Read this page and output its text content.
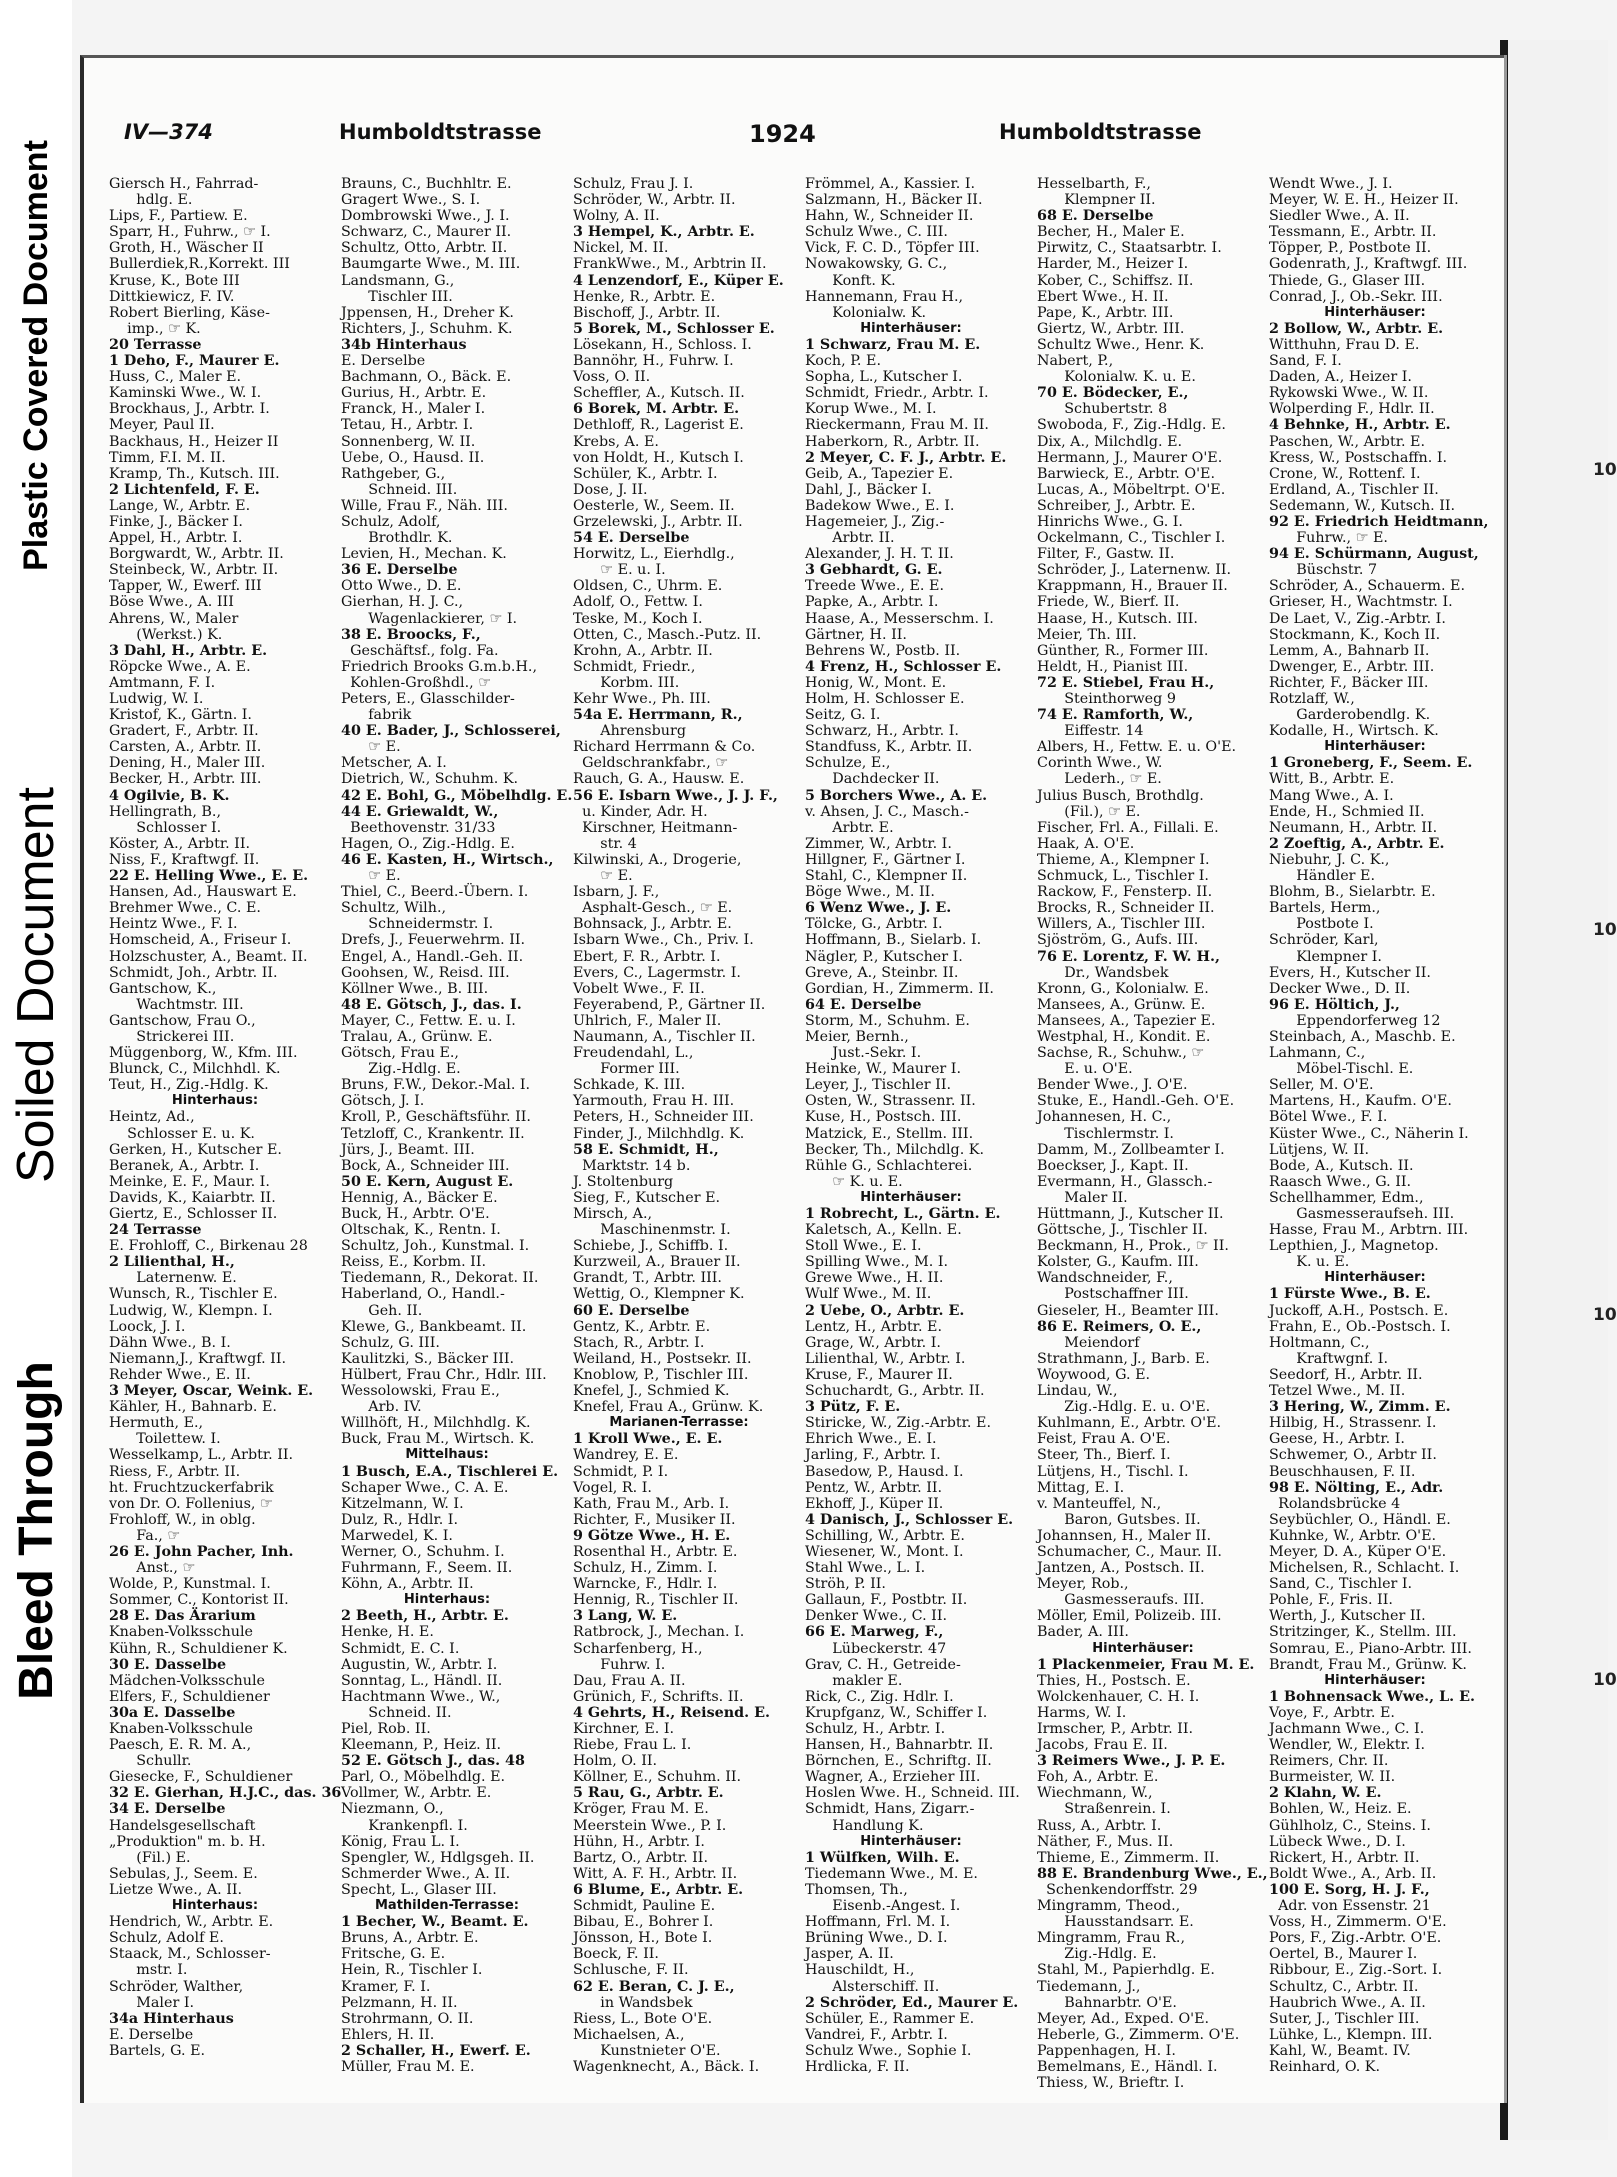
Plastic Covered Document
Soiled Document
Bleed Through
10
10
10
10
IV—374	Humboldtstrasse	1924	Humboldtstrasse
Giersch H., Fahrrad-
hdlg. E.
Lips, F., Partiew. E.
Sparr, H., Fuhrw., ☞ I.
Groth, H., Wäscher II
Bullerdiek,R.,Korrekt. III
Kruse, K., Bote III
Dittkiewicz, F. IV.
Robert Bierling, Käse-
imp., ☞ K.
20 Terrasse
1 Deho, F., Maurer E.
Huss, C., Maler E.
Kaminski Wwe., W. I.
Brockhaus, J., Arbtr. I.
Meyer, Paul II.
Backhaus, H., Heizer II
Timm, F.I. M. II.
Kramp, Th., Kutsch. III.
2 Lichtenfeld, F. E.
Lange, W., Arbtr. E.
Finke, J., Bäcker I.
Appel, H., Arbtr. I.
Borgwardt, W., Arbtr. II.
Steinbeck, W., Arbtr. II.
Tapper, W., Ewerf. III
Böse Wwe., A. III
Ahrens, W., Maler
(Werkst.) K.
3 Dahl, H., Arbtr. E.
Röpcke Wwe., A. E.
Amtmann, F. I.
Ludwig, W. I.
Kristof, K., Gärtn. I.
Gradert, F., Arbtr. II.
Carsten, A., Arbtr. II.
Dening, H., Maler III.
Becker, H., Arbtr. III.
4 Ogilvie, B. K.
Hellingrath, B.,
Schlosser I.
Köster, A., Arbtr. II.
Niss, F., Kraftwgf. II.
22 E. Helling Wwe., E. E.
Hansen, Ad., Hauswart E.
Brehmer Wwe., C. E.
Heintz Wwe., F. I.
Homscheid, A., Friseur I.
Holzschuster, A., Beamt. II.
Schmidt, Joh., Arbtr. II.
Gantschow, K.,
Wachtmstr. III.
Gantschow, Frau O.,
Strickerei III.
Müggenborg, W., Kfm. III.
Blunck, C., Milchhdl. K.
Teut, H., Zig.-Hdlg. K.
Hinterhaus:
Heintz, Ad.,
Schlosser E. u. K.
Gerken, H., Kutscher E.
Beranek, A., Arbtr. I.
Meinke, E. F., Maur. I.
Davids, K., Kaiarbtr. II.
Giertz, E., Schlosser II.
24 Terrasse
E. Frohloff, C., Birkenau 28
2 Lilienthal, H.,
Laternenw. E.
Wunsch, R., Tischler E.
Ludwig, W., Klempn. I.
Loock, J. I.
Dähn Wwe., B. I.
Niemann,J., Kraftwgf. II.
Rehder Wwe., E. II.
3 Meyer, Oscar, Weink. E.
Kähler, H., Bahnarb. E.
Hermuth, E.,
Toilettew. I.
Wesselkamp, L., Arbtr. II.
Riess, F., Arbtr. II.
ht. Fruchtzuckerfabrik
von Dr. O. Follenius, ☞
Frohloff, W., in oblg.
Fa., ☞
26 E. John Pacher, Inh.
Anst., ☞
Wolde, P., Kunstmal. I.
Sommer, C., Kontorist II.
28 E. Das Ärarium
Knaben-Volksschule
Kühn, R., Schuldiener K.
30 E. Dasselbe
Mädchen-Volksschule
Elfers, F., Schuldiener
30a E. Dasselbe
Knaben-Volksschule
Paesch, E. R. M. A.,
Schullr.
Giesecke, F., Schuldiener
32 E. Gierhan, H.J.C., das. 36
34 E. Derselbe
Handelsgesellschaft
„Produktion" m. b. H.
(Fil.) E.
Sebulas, J., Seem. E.
Lietze Wwe., A. II.
Hinterhaus:
Hendrich, W., Arbtr. E.
Schulz, Adolf E.
Staack, M., Schlosser-
mstr. I.
Schröder, Walther,
Maler I.
34a Hinterhaus
E. Derselbe
Bartels, G. E.
Brauns, C., Buchhltr. E.
Gragert Wwe., S. I.
Dombrowski Wwe., J. I.
Schwarz, C., Maurer II.
Schultz, Otto, Arbtr. II.
Baumgarte Wwe., M. III.
Landsmann, G.,
Tischler III.
Jppensen, H., Dreher K.
Richters, J., Schuhm. K.
34b Hinterhaus
E. Derselbe
Bachmann, O., Bäck. E.
Gurius, H., Arbtr. E.
Franck, H., Maler I.
Tetau, H., Arbtr. I.
Sonnenberg, W. II.
Uebe, O., Hausd. II.
Rathgeber, G.,
Schneid. III.
Wille, Frau F., Näh. III.
Schulz, Adolf,
Brothdlr. K.
Levien, H., Mechan. K.
36 E. Derselbe
Otto Wwe., D. E.
Gierhan, H. J. C.,
Wagenlackierer, ☞ I.
38 E. Broocks, F.,
Geschäftsf., folg. Fa.
Friedrich Brooks G.m.b.H.,
Kohlen-Großhdl., ☞
Peters, E., Glasschilder-
fabrik
40 E. Bader, J., Schlosserei,
☞ E.
Metscher, A. I.
Dietrich, W., Schuhm. K.
42 E. Bohl, G., Möbelhdlg. E.
44 E. Griewaldt, W.,
Beethovenstr. 31/33
Hagen, O., Zig.-Hdlg. E.
46 E. Kasten, H., Wirtsch.,
☞ E.
Thiel, C., Beerd.-Übern. I.
Schultz, Wilh.,
Schneidermstr. I.
Drefs, J., Feuerwehrm. II.
Engel, A., Handl.-Geh. II.
Goohsen, W., Reisd. III.
Köllner Wwe., B. III.
48 E. Götsch, J., das. I.
Mayer, C., Fettw. E. u. I.
Tralau, A., Grünw. E.
Götsch, Frau E.,
Zig.-Hdlg. E.
Bruns, F.W., Dekor.-Mal. I.
Götsch, J. I.
Kroll, P., Geschäftsführ. II.
Tetzloff, C., Krankentr. II.
Jürs, J., Beamt. III.
Bock, A., Schneider III.
50 E. Kern, August E.
Hennig, A., Bäcker E.
Buck, H., Arbtr. O'E.
Oltschak, K., Rentn. I.
Schultz, Joh., Kunstmal. I.
Reiss, E., Korbm. II.
Tiedemann, R., Dekorat. II.
Haberland, O., Handl.-
Geh. II.
Klewe, G., Bankbeamt. II.
Schulz, G. III.
Kaulitzki, S., Bäcker III.
Hülbert, Frau Chr., Hdlr. III.
Wessolowski, Frau E.,
Arb. IV.
Willhöft, H., Milchhdlg. K.
Buck, Frau M., Wirtsch. K.
Mittelhaus:
1 Busch, E.A., Tischlerei E.
Schaper Wwe., C. A. E.
Kitzelmann, W. I.
Dulz, R., Hdlr. I.
Marwedel, K. I.
Werner, O., Schuhm. I.
Fuhrmann, F., Seem. II.
Köhn, A., Arbtr. II.
Hinterhaus:
2 Beeth, H., Arbtr. E.
Henke, H. E.
Schmidt, E. C. I.
Augustin, W., Arbtr. I.
Sonntag, L., Händl. II.
Hachtmann Wwe., W.,
Schneid. II.
Piel, Rob. II.
Kleemann, P., Heiz. II.
52 E. Götsch J., das. 48
Parl, O., Möbelhdlg. E.
Vollmer, W., Arbtr. E.
Niezmann, O.,
Krankenpfl. I.
König, Frau L. I.
Spengler, W., Hdlgsgeh. II.
Schmerder Wwe., A. II.
Specht, L., Glaser III.
Mathilden-Terrasse:
1 Becher, W., Beamt. E.
Bruns, A., Arbtr. E.
Fritsche, G. E.
Hein, R., Tischler I.
Kramer, F. I.
Pelzmann, H. II.
Strohrmann, O. II.
Ehlers, H. II.
2 Schaller, H., Ewerf. E.
Müller, Frau M. E.
Schulz, Frau J. I.
Schröder, W., Arbtr. II.
Wolny, A. II.
3 Hempel, K., Arbtr. E.
Nickel, M. II.
FrankWwe., M., Arbtrin II.
4 Lenzendorf, E., Küper E.
Henke, R., Arbtr. E.
Bischoff, J., Arbtr. II.
5 Borek, M., Schlosser E.
Lösekann, H., Schloss. I.
Bannöhr, H., Fuhrw. I.
Voss, O. II.
Scheffler, A., Kutsch. II.
6 Borek, M. Arbtr. E.
Dethloff, R., Lagerist E.
Krebs, A. E.
von Holdt, H., Kutsch I.
Schüler, K., Arbtr. I.
Dose, J. II.
Oesterle, W., Seem. II.
Grzelewski, J., Arbtr. II.
54 E. Derselbe
Horwitz, L., Eierhdlg.,
☞ E. u. I.
Oldsen, C., Uhrm. E.
Adolf, O., Fettw. I.
Teske, M., Koch I.
Otten, C., Masch.-Putz. II.
Krohn, A., Arbtr. II.
Schmidt, Friedr.,
Korbm. III.
Kehr Wwe., Ph. III.
54a E. Herrmann, R.,
Ahrensburg
Richard Herrmann & Co.
Geldschrankfabr., ☞
Rauch, G. A., Hausw. E.
56 E. Isbarn Wwe., J. J. F.,
u. Kinder, Adr. H.
Kirschner, Heitmann-
str. 4
Kilwinski, A., Drogerie,
☞ E.
Isbarn, J. F.,
Asphalt-Gesch., ☞ E.
Bohnsack, J., Arbtr. E.
Isbarn Wwe., Ch., Priv. I.
Ebert, F. R., Arbtr. I.
Evers, C., Lagermstr. I.
Vobelt Wwe., F. II.
Feyerabend, P., Gärtner II.
Uhlrich, F., Maler II.
Naumann, A., Tischler II.
Freudendahl, L.,
Former III.
Schkade, K. III.
Yarmouth, Frau H. III.
Peters, H., Schneider III.
Finder, J., Milchhdlg. K.
58 E. Schmidt, H.,
Marktstr. 14 b.
J. Stoltenburg
Sieg, F., Kutscher E.
Mirsch, A.,
Maschinenmstr. I.
Schiebe, J., Schiffb. I.
Kurzweil, A., Brauer II.
Grandt, T., Arbtr. III.
Wettig, O., Klempner K.
60 E. Derselbe
Gentz, K., Arbtr. E.
Stach, R., Arbtr. I.
Weiland, H., Postsekr. II.
Knoblow, P., Tischler III.
Knefel, J., Schmied K.
Knefel, Frau A., Grünw. K.
Marianen-Terrasse:
1 Kroll Wwe., E. E.
Wandrey, E. E.
Schmidt, P. I.
Vogel, R. I.
Kath, Frau M., Arb. I.
Richter, F., Musiker II.
9 Götze Wwe., H. E.
Rosenthal H., Arbtr. E.
Schulz, H., Zimm. I.
Warncke, F., Hdlr. I.
Hennig, R., Tischler II.
3 Lang, W. E.
Ratbrock, J., Mechan. I.
Scharfenberg, H.,
Fuhrw. I.
Dau, Frau A. II.
Grünich, F., Schrifts. II.
4 Gehrts, H., Reisend. E.
Kirchner, E. I.
Riebe, Frau L. I.
Holm, O. II.
Köllner, E., Schuhm. II.
5 Rau, G., Arbtr. E.
Kröger, Frau M. E.
Meerstein Wwe., P. I.
Hühn, H., Arbtr. I.
Bartz, O., Arbtr. II.
Witt, A. F. H., Arbtr. II.
6 Blume, E., Arbtr. E.
Schmidt, Pauline E.
Bibau, E., Bohrer I.
Jönsson, H., Bote I.
Boeck, F. II.
Schlusche, F. II.
62 E. Beran, C. J. E.,
in Wandsbek
Riess, L., Bote O'E.
Michaelsen, A.,
Kunstnieter O'E.
Wagenknecht, A., Bäck. I.
Frömmel, A., Kassier. I.
Salzmann, H., Bäcker II.
Hahn, W., Schneider II.
Schulz Wwe., C. III.
Vick, F. C. D., Töpfer III.
Nowakowsky, G. C.,
Konft. K.
Hannemann, Frau H.,
Kolonialw. K.
Hinterhäuser:
1 Schwarz, Frau M. E.
Koch, P. E.
Sopha, L., Kutscher I.
Schmidt, Friedr., Arbtr. I.
Korup Wwe., M. I.
Rieckermann, Frau M. II.
Haberkorn, R., Arbtr. II.
2 Meyer, C. F. J., Arbtr. E.
Geib, A., Tapezier E.
Dahl, J., Bäcker I.
Badekow Wwe., E. I.
Hagemeier, J., Zig.-
Arbtr. II.
Alexander, J. H. T. II.
3 Gebhardt, G. E.
Treede Wwe., E. E.
Papke, A., Arbtr. I.
Haase, A., Messerschm. I.
Gärtner, H. II.
Behrens W., Postb. II.
4 Frenz, H., Schlosser E.
Honig, W., Mont. E.
Holm, H. Schlosser E.
Seitz, G. I.
Schwarz, H., Arbtr. I.
Standfuss, K., Arbtr. II.
Schulze, E.,
Dachdecker II.
5 Borchers Wwe., A. E.
v. Ahsen, J. C., Masch.-
Arbtr. E.
Zimmer, W., Arbtr. I.
Hillgner, F., Gärtner I.
Stahl, C., Klempner II.
Böge Wwe., M. II.
6 Wenz Wwe., J. E.
Tölcke, G., Arbtr. I.
Hoffmann, B., Sielarb. I.
Nägler, P., Kutscher I.
Greve, A., Steinbr. II.
Gordian, H., Zimmerm. II.
64 E. Derselbe
Storm, M., Schuhm. E.
Meier, Bernh.,
Just.-Sekr. I.
Heinke, W., Maurer I.
Leyer, J., Tischler II.
Osten, W., Strassenr. II.
Kuse, H., Postsch. III.
Matzick, E., Stellm. III.
Becker, Th., Milchdlg. K.
Rühle G., Schlachterei.
☞ K. u. E.
Hinterhäuser:
1 Robrecht, L., Gärtn. E.
Kaletsch, A., Kelln. E.
Stoll Wwe., E. I.
Spilling Wwe., M. I.
Grewe Wwe., H. II.
Wulf Wwe., M. II.
2 Uebe, O., Arbtr. E.
Lentz, H., Arbtr. E.
Grage, W., Arbtr. I.
Lilienthal, W., Arbtr. I.
Kruse, F., Maurer II.
Schuchardt, G., Arbtr. II.
3 Pütz, F. E.
Stiricke, W., Zig.-Arbtr. E.
Ehrich Wwe., E. I.
Jarling, F., Arbtr. I.
Basedow, P., Hausd. I.
Pentz, W., Arbtr. II.
Ekhoff, J., Küper II.
4 Danisch, J., Schlosser E.
Schilling, W., Arbtr. E.
Wiesener, W., Mont. I.
Stahl Wwe., L. I.
Ströh, P. II.
Gallaun, F., Postbtr. II.
Denker Wwe., C. II.
66 E. Marweg, F.,
Lübeckerstr. 47
Grav, C. H., Getreide-
makler E.
Rick, C., Zig. Hdlr. I.
Krupfganz, W., Schiffer I.
Schulz, H., Arbtr. I.
Hansen, H., Bahnarbtr. II.
Börnchen, E., Schriftg. II.
Wagner, A., Erzieher III.
Hoslen Wwe. H., Schneid. III.
Schmidt, Hans, Zigarr.-
Handlung K.
Hinterhäuser:
1 Wülfken, Wilh. E.
Tiedemann Wwe., M. E.
Thomsen, Th.,
Eisenb.-Angest. I.
Hoffmann, Frl. M. I.
Brüning Wwe., D. I.
Jasper, A. II.
Hauschildt, H.,
Alsterschiff. II.
2 Schröder, Ed., Maurer E.
Schüler, E., Rammer E.
Vandrei, F., Arbtr. I.
Schulz Wwe., Sophie I.
Hrdlicka, F. II.
Hesselbarth, F.,
Klempner II.
68 E. Derselbe
Becher, H., Maler E.
Pirwitz, C., Staatsarbtr. I.
Harder, M., Heizer I.
Kober, C., Schiffsz. II.
Ebert Wwe., H. II.
Pape, K., Arbtr. III.
Giertz, W., Arbtr. III.
Schultz Wwe., Henr. K.
Nabert, P.,
Kolonialw. K. u. E.
70 E. Bödecker, E.,
Schubertstr. 8
Swoboda, F., Zig.-Hdlg. E.
Dix, A., Milchdlg. E.
Hermann, J., Maurer O'E.
Barwieck, E., Arbtr. O'E.
Lucas, A., Möbeltrpt. O'E.
Schreiber, J., Arbtr. E.
Hinrichs Wwe., G. I.
Ockelmann, C., Tischler I.
Filter, F., Gastw. II.
Schröder, J., Laternenw. II.
Krappmann, H., Brauer II.
Friede, W., Bierf. II.
Haase, H., Kutsch. III.
Meier, Th. III.
Günther, R., Former III.
Heldt, H., Pianist III.
72 E. Stiebel, Frau H.,
Steinthorweg 9
74 E. Ramforth, W.,
Eiffestr. 14
Albers, H., Fettw. E. u. O'E.
Corinth Wwe., W.
Lederh., ☞ E.
Julius Busch, Brothdlg.
(Fil.), ☞ E.
Fischer, Frl. A., Fillali. E.
Haak, A. O'E.
Thieme, A., Klempner I.
Schmuck, L., Tischler I.
Rackow, F., Fensterp. II.
Brocks, R., Schneider II.
Willers, A., Tischler III.
Sjöström, G., Aufs. III.
76 E. Lorentz, F. W. H.,
Dr., Wandsbek
Kronn, G., Kolonialw. E.
Mansees, A., Grünw. E.
Mansees, A., Tapezier E.
Westphal, H., Kondit. E.
Sachse, R., Schuhw., ☞
E. u. O'E.
Bender Wwe., J. O'E.
Stuke, E., Handl.-Geh. O'E.
Johannesen, H. C.,
Tischlermstr. I.
Damm, M., Zollbeamter I.
Boeckser, J., Kapt. II.
Evermann, H., Glassch.-
Maler II.
Hüttmann, J., Kutscher II.
Göttsche, J., Tischler II.
Beckmann, H., Prok., ☞ II.
Kolster, G., Kaufm. III.
Wandschneider, F.,
Postschaffner III.
Gieseler, H., Beamter III.
86 E. Reimers, O. E.,
Meiendorf
Strathmann, J., Barb. E.
Woywood, G. E.
Lindau, W.,
Zig.-Hdlg. E. u. O'E.
Kuhlmann, E., Arbtr. O'E.
Feist, Frau A. O'E.
Steer, Th., Bierf. I.
Lütjens, H., Tischl. I.
Mittag, E. I.
v. Manteuffel, N.,
Baron, Gutsbes. II.
Johannsen, H., Maler II.
Schumacher, C., Maur. II.
Jantzen, A., Postsch. II.
Meyer, Rob.,
Gasmesseraufs. III.
Möller, Emil, Polizeib. III.
Bader, A. III.
Hinterhäuser:
1 Plackenmeier, Frau M. E.
Thies, H., Postsch. E.
Wolckenhauer, C. H. I.
Harms, W. I.
Irmscher, P., Arbtr. II.
Jacobs, Frau E. II.
3 Reimers Wwe., J. P. E.
Foh, A., Arbtr. E.
Wiechmann, W.,
Straßenrein. I.
Russ, A., Arbtr. I.
Näther, F., Mus. II.
Thieme, E., Zimmerm. II.
88 E. Brandenburg Wwe., E.,
Schenkendorffstr. 29
Mingramm, Theod.,
Hausstandsarr. E.
Mingramm, Frau R.,
Zig.-Hdlg. E.
Stahl, M., Papierhdlg. E.
Tiedemann, J.,
Bahnarbtr. O'E.
Meyer, Ad., Exped. O'E.
Heberle, G., Zimmerm. O'E.
Pappenhagen, H. I.
Bemelmans, E., Händl. I.
Thiess, W., Brieftr. I.
Wendt Wwe., J. I.
Meyer, W. E. H., Heizer II.
Siedler Wwe., A. II.
Tessmann, E., Arbtr. II.
Töpper, P., Postbote II.
Godenrath, J., Kraftwgf. III.
Thiede, G., Glaser III.
Conrad, J., Ob.-Sekr. III.
Hinterhäuser:
2 Bollow, W., Arbtr. E.
Witthuhn, Frau D. E.
Sand, F. I.
Daden, A., Heizer I.
Rykowski Wwe., W. II.
Wolperding F., Hdlr. II.
4 Behnke, H., Arbtr. E.
Paschen, W., Arbtr. E.
Kress, W., Postschaffn. I.
Crone, W., Rottenf. I.
Erdland, A., Tischler II.
Sedemann, W., Kutsch. II.
92 E. Friedrich Heidtmann,
Fuhrw., ☞ E.
94 E. Schürmann, August,
Büschstr. 7
Schröder, A., Schauerm. E.
Grieser, H., Wachtmstr. I.
De Laet, V., Zig.-Arbtr. I.
Stockmann, K., Koch II.
Lemm, A., Bahnarb II.
Dwenger, E., Arbtr. III.
Richter, F., Bäcker III.
Rotzlaff, W.,
Garderobendlg. K.
Kodalle, H., Wirtsch. K.
Hinterhäuser:
1 Groneberg, F., Seem. E.
Witt, B., Arbtr. E.
Mang Wwe., A. I.
Ende, H., Schmied II.
Neumann, H., Arbtr. II.
2 Zoeftig, A., Arbtr. E.
Niebuhr, J. C. K.,
Händler E.
Blohm, B., Sielarbtr. E.
Bartels, Herm.,
Postbote I.
Schröder, Karl,
Klempner I.
Evers, H., Kutscher II.
Decker Wwe., D. II.
96 E. Höltich, J.,
Eppendorferweg 12
Steinbach, A., Maschb. E.
Lahmann, C.,
Möbel-Tischl. E.
Seller, M. O'E.
Martens, H., Kaufm. O'E.
Bötel Wwe., F. I.
Küster Wwe., C., Näherin I.
Lütjens, W. II.
Bode, A., Kutsch. II.
Raasch Wwe., G. II.
Schellhammer, Edm.,
Gasmesseraufseh. III.
Hasse, Frau M., Arbtrn. III.
Lepthien, J., Magnetop.
K. u. E.
Hinterhäuser:
1 Fürste Wwe., B. E.
Juckoff, A.H., Postsch. E.
Frahn, E., Ob.-Postsch. I.
Holtmann, C.,
Kraftwgnf. I.
Seedorf, H., Arbtr. II.
Tetzel Wwe., M. II.
3 Hering, W., Zimm. E.
Hilbig, H., Strassenr. I.
Geese, H., Arbtr. I.
Schwemer, O., Arbtr II.
Beuschhausen, F. II.
98 E. Nölting, E., Adr.
Rolandsbrücke 4
Seybüchler, O., Händl. E.
Kuhnke, W., Arbtr. O'E.
Meyer, D. A., Küper O'E.
Michelsen, R., Schlacht. I.
Sand, C., Tischler I.
Pohle, F., Fris. II.
Werth, J., Kutscher II.
Stritzinger, K., Stellm. III.
Somrau, E., Piano-Arbtr. III.
Brandt, Frau M., Grünw. K.
Hinterhäuser:
1 Bohnensack Wwe., L. E.
Voye, F., Arbtr. E.
Jachmann Wwe., C. I.
Wendler, W., Elektr. I.
Reimers, Chr. II.
Burmeister, W. II.
2 Klahn, W. E.
Bohlen, W., Heiz. E.
Gühlholz, C., Steins. I.
Lübeck Wwe., D. I.
Rickert, H., Arbtr. II.
Boldt Wwe., A., Arb. II.
100 E. Sorg, H. J. F.,
Adr. von Essenstr. 21
Voss, H., Zimmerm. O'E.
Pors, F., Zig.-Arbtr. O'E.
Oertel, B., Maurer I.
Ribbour, E., Zig.-Sort. I.
Schultz, C., Arbtr. II.
Haubrich Wwe., A. II.
Suter, J., Tischler III.
Lühke, L., Klempn. III.
Kahl, W., Beamt. IV.
Reinhard, O. K.
